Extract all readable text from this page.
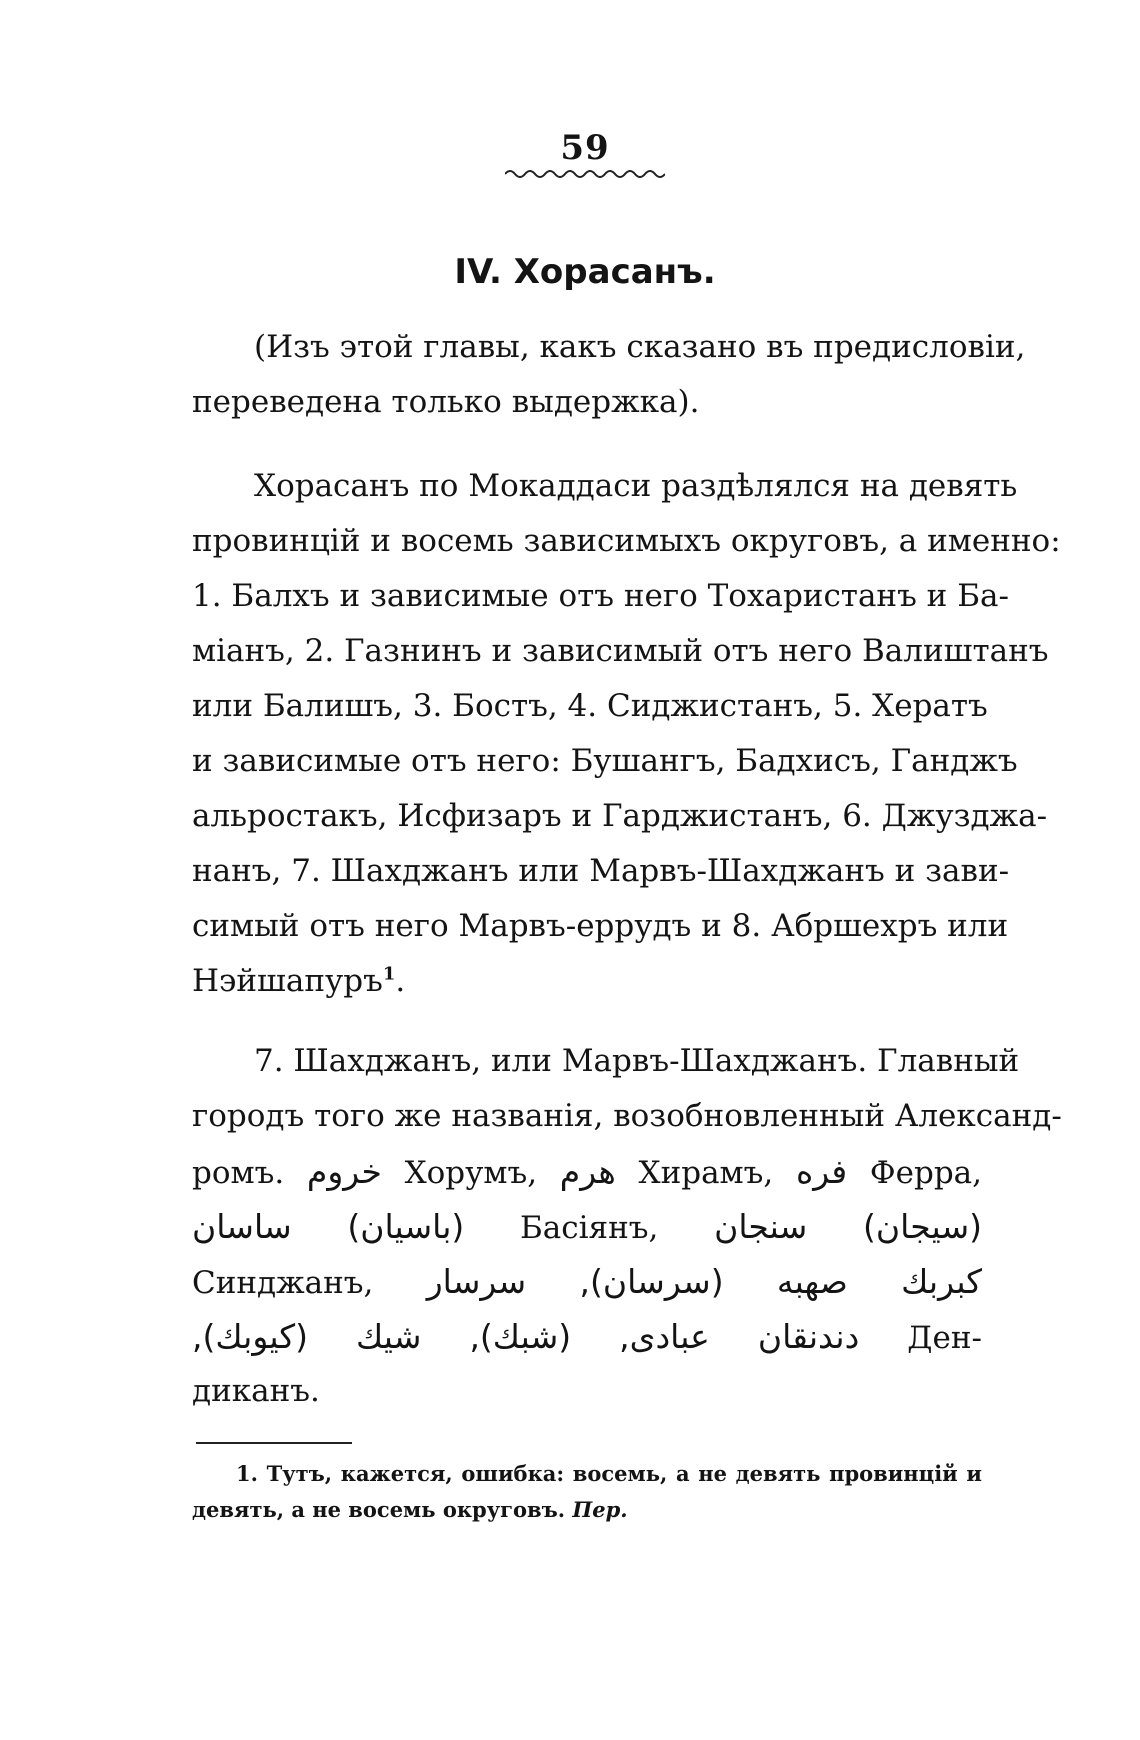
59
IV. Хорасанъ.
(Изъ этой главы, какъ сказано въ предисловіи,
переведена только выдержка).
Хорасанъ по Мокаддаси раздѣлялся на девять
провинцій и восемь зависимыхъ округовъ, а именно:
1. Балхъ и зависимые отъ него Тохаристанъ и Ба-
міанъ, 2. Газнинъ и зависимый отъ него Валиштанъ
или Балишъ, 3. Бостъ, 4. Сиджистанъ, 5. Хератъ
и зависимые отъ него: Бушангъ, Бадхисъ, Ганджъ
альростакъ, Исфизаръ и Гарджистанъ, 6. Джузджа-
нанъ, 7. Шахджанъ или Марвъ-Шахджанъ и зави-
симый отъ него Марвъ-еррудъ и 8. Абршехръ или
Нэйшапуръ$^1$.
7. Шахджанъ, или Марвъ-Шахджанъ. Главный
городъ того же названія, возобновленный Александ-
ромъ. خروم Хорумъ, هرم Хирамъ, فره Ферра,
ساسان (باسيان) Басіянъ, سنجان (سيجان)
Синджанъ, سرسار (سرسان), صهبه كبربك
(كيوبك), شيك (شبك), عبادى, دندنقان Ден-
диканъ.
1. Тутъ, кажется, ошибка: восемь, а не девять провинцій и
девять, а не восемь округовъ. Пер.
